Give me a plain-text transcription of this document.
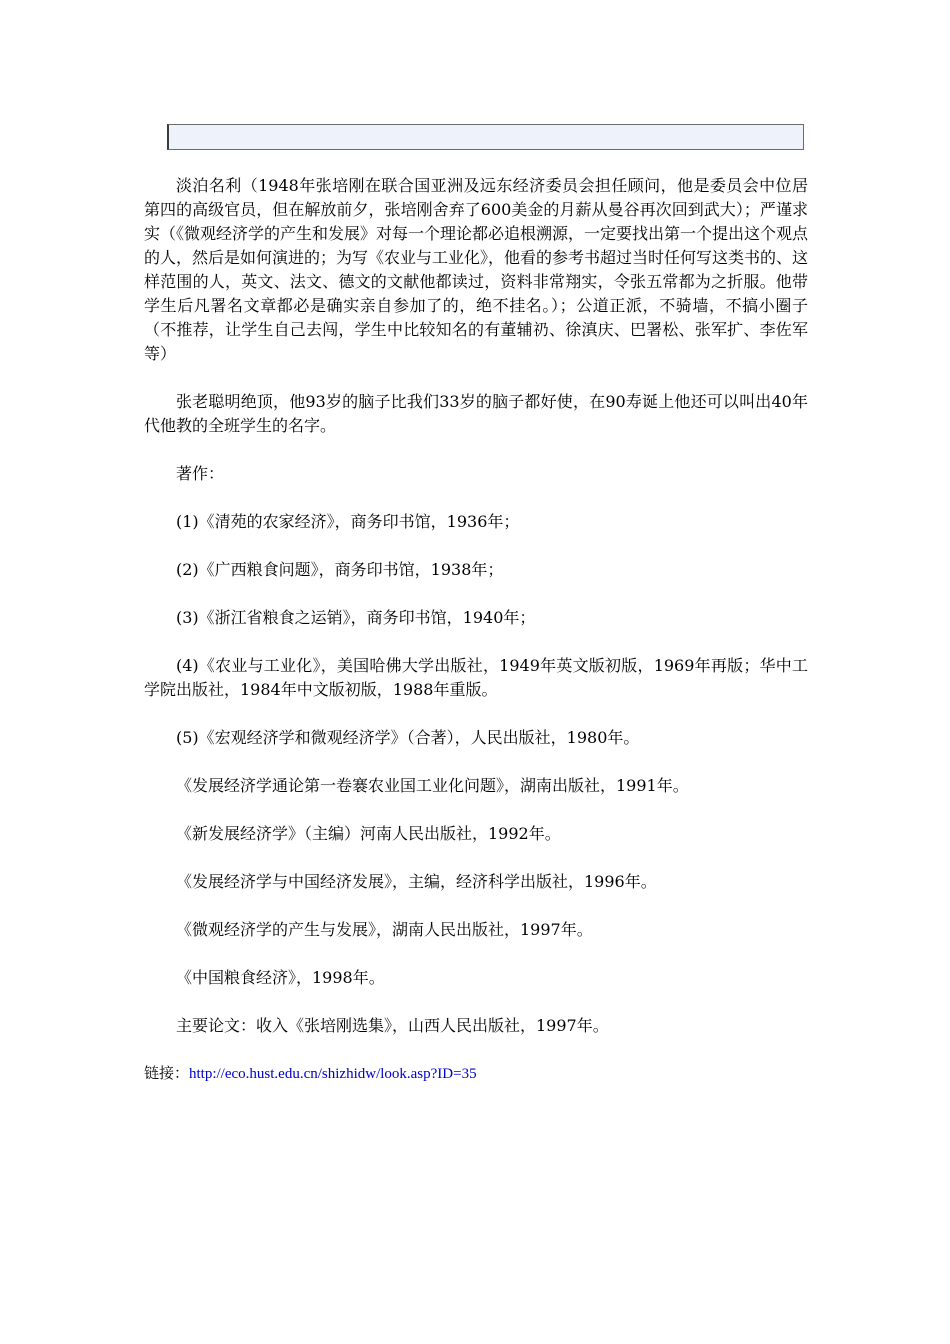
淡泊名利（1948年张培刚在联合国亚洲及远东经济委员会担任顾问，他是委员会中位居第四的高级官员，但在解放前夕，张培刚舍弃了600美金的月薪从曼谷再次回到武大）；严谨求实（《微观经济学的产生和发展》对每一个理论都必追根溯源，一定要找出第一个提出这个观点的人，然后是如何演进的；为写《农业与工业化》，他看的参考书超过当时任何写这类书的、这样范围的人，英文、法文、德文的文献他都读过，资料非常翔实，令张五常都为之折服。他带学生后凡署名文章都必是确实亲自参加了的，绝不挂名。）；公道正派，不骑墙，不搞小圈子（不推荐，让学生自己去闯，学生中比较知名的有董辅礽、徐滇庆、巴署松、张军扩、李佐军等）

张老聪明绝顶，他93岁的脑子比我们33岁的脑子都好使，在90寿诞上他还可以叫出40年代他教的全班学生的名字。

著作：

(1)《清苑的农家经济》，商务印书馆，1936年；

(2)《广西粮食问题》，商务印书馆，1938年；

(3)《浙江省粮食之运销》，商务印书馆，1940年；

(4)《农业与工业化》，美国哈佛大学出版社，1949年英文版初版，1969年再版；华中工学院出版社，1984年中文版初版，1988年重版。

(5)《宏观经济学和微观经济学》（合著），人民出版社，1980年。

《发展经济学通论第一卷褰农业国工业化问题》，湖南出版社，1991年。

《新发展经济学》（主编）河南人民出版社，1992年。

《发展经济学与中国经济发展》，主编，经济科学出版社，1996年。

《微观经济学的产生与发展》，湖南人民出版社，1997年。

《中国粮食经济》，1998年。

主要论文：收入《张培刚选集》，山西人民出版社，1997年。

链接：http://eco.hust.edu.cn/shizhidw/look.asp?ID=35
